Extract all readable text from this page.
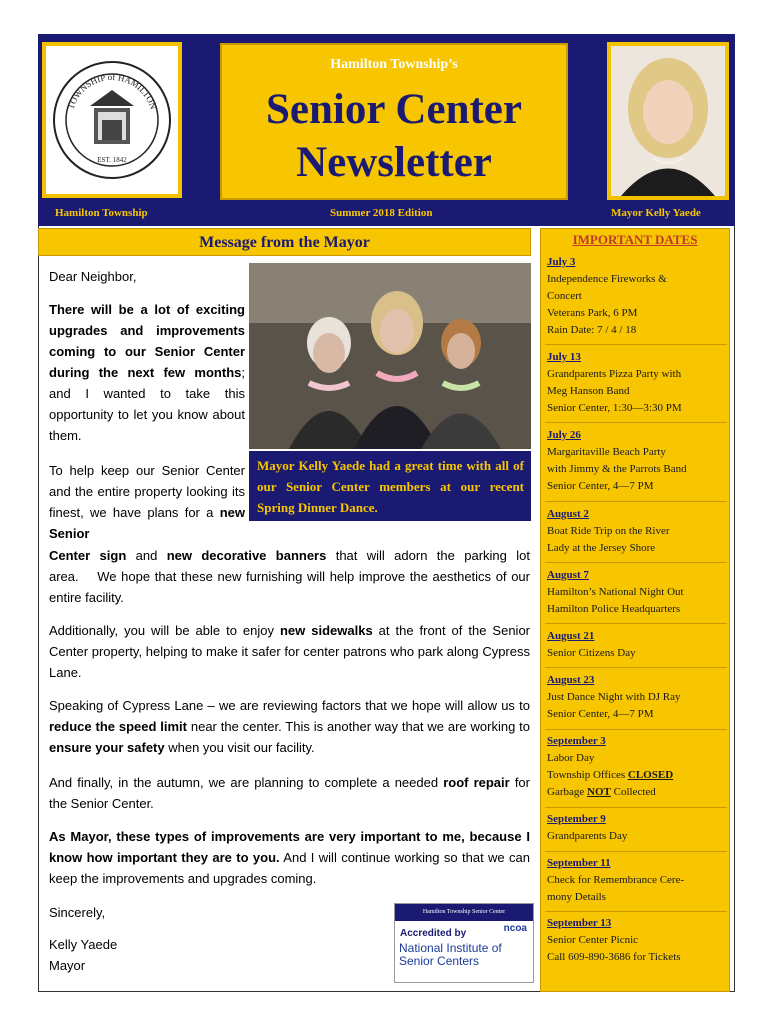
TOWNSHIP of HAMILTON
EST. 1842
Hamilton Township’s
Senior Center
Newsletter
Hamilton Township	Summer 2018 Edition	Mayor Kelly Yaede
Message from the Mayor

Dear Neighbor,

There will be a lot of exciting upgrades and improvements coming to our Senior Center during the next few months; and I wanted to take this opportunity to let you know about them.

Mayor Kelly Yaede had a great time with all of our Senior Center members at our recent Spring Dinner Dance.

To help keep our Senior Center and the entire property looking its finest, we have plans for a new Senior

Center sign and new decorative banners that will adorn the parking lot area.    We hope that these new furnishing will help improve the aesthetics of our entire facility.

Additionally, you will be able to enjoy new sidewalks at the front of the Senior Center property, helping to make it safer for center patrons who park along Cypress Lane.

Speaking of Cypress Lane – we are reviewing factors that we hope will allow us to reduce the speed limit near the center. This is another way that we are working to ensure your safety when you visit our facility.

And finally, in the autumn, we are planning to complete a needed roof repair for the Senior Center.

As Mayor, these types of improvements are very important to me, because I know how important they are to you. And I will continue working so that we can keep the improvements and upgrades coming.

Sincerely,
Kelly Yaede
Mayor
Hamilton Township Senior Center
ncoa
Accredited by
National Institute of
Senior Centers
IMPORTANT DATES
July 3
Independence Fireworks &
Concert
Veterans Park, 6 PM
Rain Date: 7 / 4 / 18
July 13
Grandparents Pizza Party with
Meg Hanson Band
Senior Center, 1:30—3:30 PM
July 26
Margaritaville Beach Party
with Jimmy & the Parrots Band
Senior Center, 4—7 PM
August 2
Boat Ride Trip on the River
Lady at the Jersey Shore
August 7
Hamilton’s National Night Out
Hamilton Police Headquarters
August 21
Senior Citizens Day
August 23
Just Dance Night with DJ Ray
Senior Center, 4—7 PM
September 3
Labor Day
Township Offices CLOSED
Garbage NOT Collected
September 9
Grandparents Day
September 11
Check for Remembrance Cere-
mony Details
September 13
Senior Center Picnic
Call 609-890-3686 for Tickets
